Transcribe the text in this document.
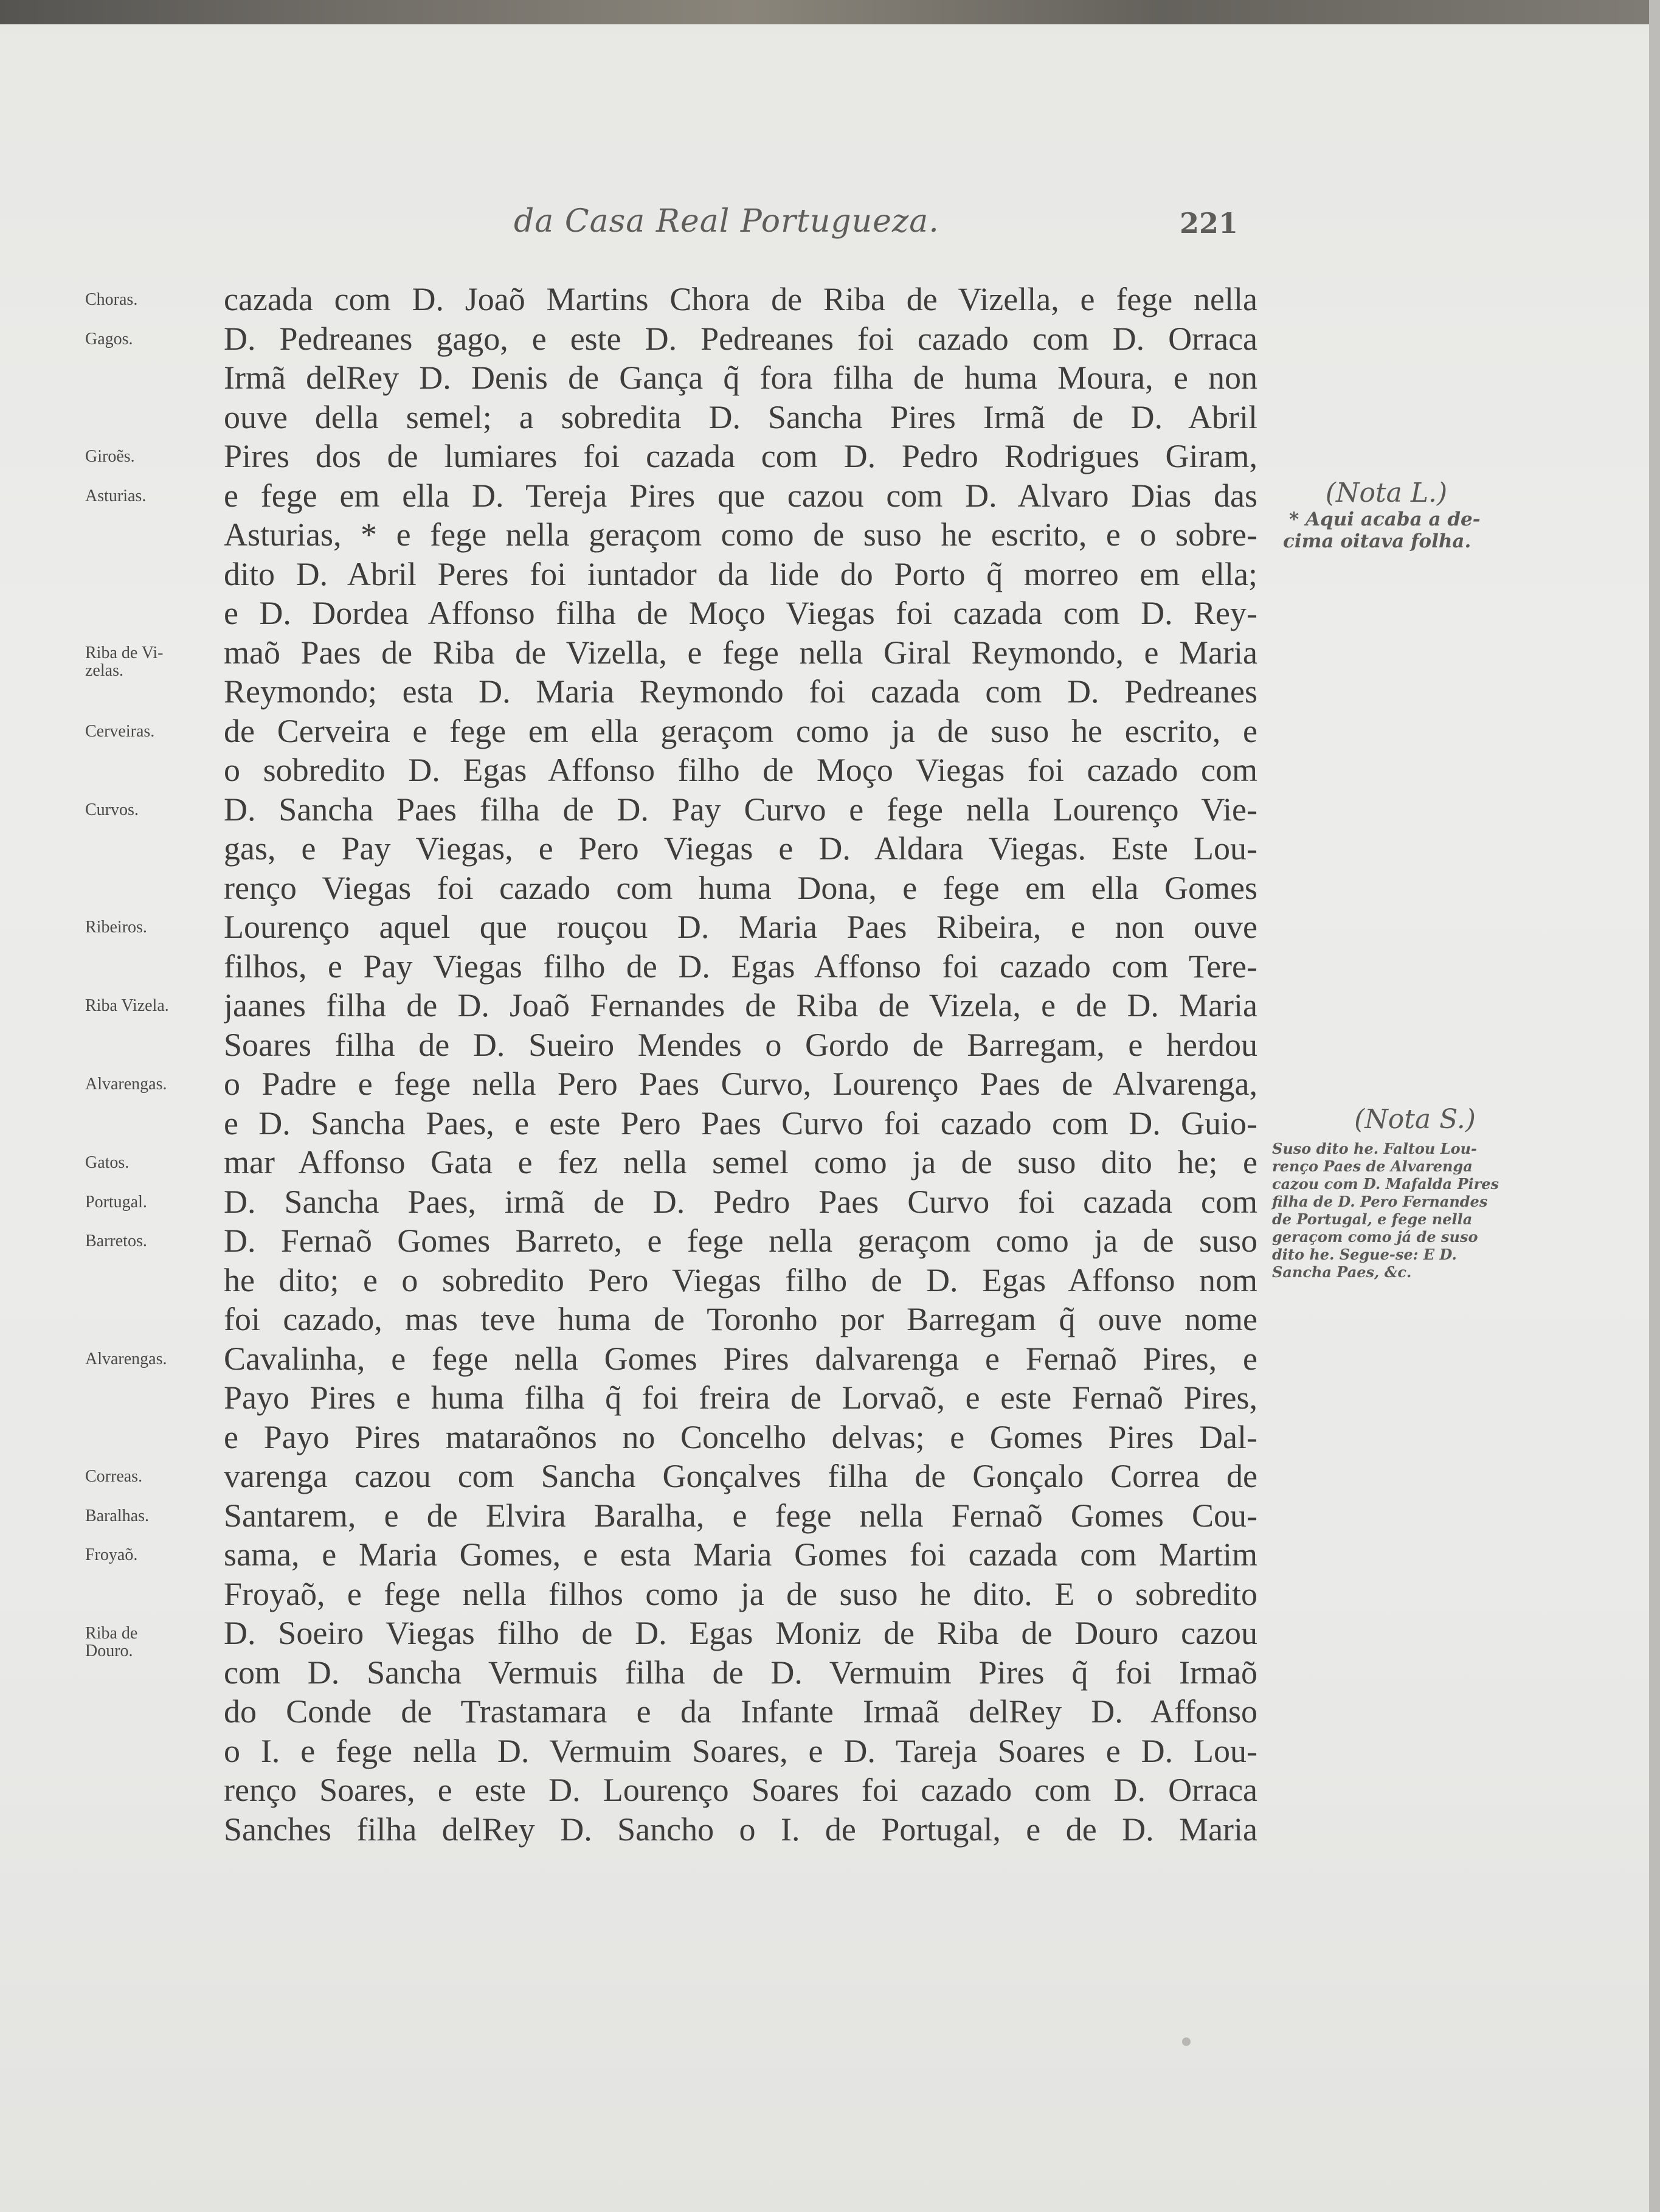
da Casa Real Portugueza.	221
Choras.
Gagos.
Giroẽs.
Asturias.
Riba de Vi-
zelas.
Cerveiras.
Curvos.
Ribeiros.
Riba Vizela.
Alvarengas.
Gatos.
Portugal.
Barretos.
Alvarengas.
Correas.
Baralhas.
Froyaõ.
Riba de
Douro.
cazada com D. Joaõ Martins Chora de Riba de Vizella, e fege nella
D. Pedreanes gago, e este D. Pedreanes foi cazado com D. Orraca
Irmã delRey D. Denis de Gança q̃ fora filha de huma Moura, e non
ouve della semel; a sobredita D. Sancha Pires Irmã de D. Abril
Pires dos de lumiares foi cazada com D. Pedro Rodrigues Giram,
e fege em ella D. Tereja Pires que cazou com D. Alvaro Dias das
Asturias, * e fege nella geraçom como de suso he escrito, e o sobre-
dito D. Abril Peres foi iuntador da lide do Porto q̃ morreo em ella;
e D. Dordea Affonso filha de Moço Viegas foi cazada com D. Rey-
maõ Paes de Riba de Vizella, e fege nella Giral Reymondo, e Maria
Reymondo; esta D. Maria Reymondo foi cazada com D. Pedreanes
de Cerveira e fege em ella geraçom como ja de suso he escrito, e
o sobredito D. Egas Affonso filho de Moço Viegas foi cazado com
D. Sancha Paes filha de D. Pay Curvo e fege nella Lourenço Vie-
gas, e Pay Viegas, e Pero Viegas e D. Aldara Viegas. Este Lou-
renço Viegas foi cazado com huma Dona, e fege em ella Gomes
Lourenço aquel que rouçou D. Maria Paes Ribeira, e non ouve
filhos, e Pay Viegas filho de D. Egas Affonso foi cazado com Tere-
jaanes filha de D. Joaõ Fernandes de Riba de Vizela, e de D. Maria
Soares filha de D. Sueiro Mendes o Gordo de Barregam, e herdou
o Padre e fege nella Pero Paes Curvo, Lourenço Paes de Alvarenga,
e D. Sancha Paes, e este Pero Paes Curvo foi cazado com D. Guio-
mar Affonso Gata e fez nella semel como ja de suso dito he; e
D. Sancha Paes, irmã de D. Pedro Paes Curvo foi cazada com
D. Fernaõ Gomes Barreto, e fege nella geraçom como ja de suso
he dito; e o sobredito Pero Viegas filho de D. Egas Affonso nom
foi cazado, mas teve huma de Toronho por Barregam q̃ ouve nome
Cavalinha, e fege nella Gomes Pires dalvarenga e Fernaõ Pires, e
Payo Pires e huma filha q̃ foi freira de Lorvaõ, e este Fernaõ Pires,
e Payo Pires mataraõnos no Concelho delvas; e Gomes Pires Dal-
varenga cazou com Sancha Gonçalves filha de Gonçalo Correa de
Santarem, e de Elvira Baralha, e fege nella Fernaõ Gomes Cou-
sama, e Maria Gomes, e esta Maria Gomes foi cazada com Martim
Froyaõ, e fege nella filhos como ja de suso he dito. E o sobredito
D. Soeiro Viegas filho de D. Egas Moniz de Riba de Douro cazou
com D. Sancha Vermuis filha de D. Vermuim Pires q̃ foi Irmaõ
do Conde de Trastamara e da Infante Irmaã delRey D. Affonso
o I. e fege nella D. Vermuim Soares, e D. Tareja Soares e D. Lou-
renço Soares, e este D. Lourenço Soares foi cazado com D. Orraca
Sanches filha delRey D. Sancho o I. de Portugal, e de D. Maria
(Nota L.)
* Aqui acaba a de-
cima oitava folha.
(Nota S.)
Suso dito he. Faltou Lou-
renço Paes de Alvarenga
cazou com D. Mafalda Pires
filha de D. Pero Fernandes
de Portugal, e fege nella
geraçom como já de suso
dito he. Segue-se: E D.
Sancha Paes, &c.
